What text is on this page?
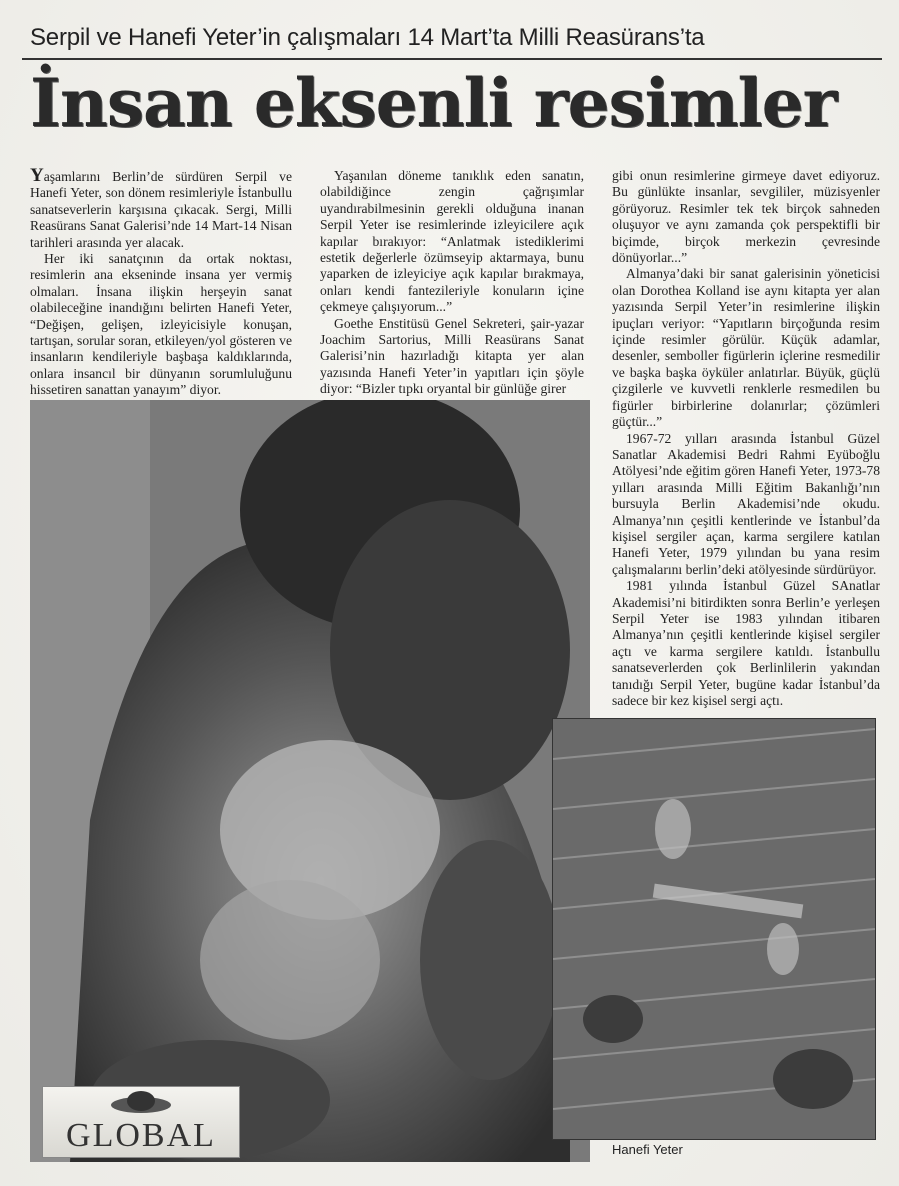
Serpil ve Hanefi Yeter’in çalışmaları 14 Mart’ta Milli Reasürans’ta
İnsan eksenli resimler

Yaşamlarını Berlin’de sürdüren Serpil ve Hanefi Yeter, son dönem resimleriyle İstanbullu sanatseverlerin karşısına çıkacak. Sergi, Milli Reasürans Sanat Galerisi’nde 14 Mart-14 Nisan tarihleri arasında yer alacak.

Her iki sanatçının da ortak noktası, resimlerin ana ekseninde insana yer vermiş olmaları. İnsana ilişkin herşeyin sanat olabileceğine inandığını belirten Hanefi Yeter, “Değişen, gelişen, izleyicisiyle konuşan, tartışan, sorular soran, etkileyen/yol gösteren ve insanların kendileriyle başbaşa kaldıklarında, onlara insancıl bir dünyanın sorumluluğunu hissetiren sanattan yanayım” diyor.

Yaşanılan döneme tanıklık eden sanatın, olabildiğince zengin çağrışımlar uyandırabilmesinin gerekli olduğuna inanan Serpil Yeter ise resimlerinde izleyicilere açık kapılar bırakıyor: “Anlatmak istediklerimi estetik değerlerle özümseyip aktarmaya, bunu yaparken de izleyiciye açık kapılar bırakmaya, onları kendi fantezileriyle konuların içine çekmeye çalışıyorum...”

Goethe Enstitüsü Genel Sekreteri, şair-yazar Joachim Sartorius, Milli Reasürans Sanat Galerisi’nin hazırladığı kitapta yer alan yazısında Hanefi Yeter’in yapıtları için şöyle diyor: “Bizler tıpkı oryantal bir günlüğe girer

gibi onun resimlerine girmeye davet ediyoruz. Bu günlükte insanlar, sevgililer, müzisyenler görüyoruz. Resimler tek tek birçok sahneden oluşuyor ve aynı zamanda çok perspektifli bir biçimde, birçok merkezin çevresinde dönüyorlar...”

Almanya’daki bir sanat galerisinin yöneticisi olan Dorothea Kolland ise aynı kitapta yer alan yazısında Serpil Yeter’in resimlerine ilişkin ipuçları veriyor: “Yapıtların birçoğunda resim içinde resimler görülür. Küçük adamlar, desenler, semboller figürlerin içlerine resmedilir ve başka başka öyküler anlatırlar. Büyük, güçlü çizgilerle ve kuvvetli renklerle resmedilen bu figürler birbirlerine dolanırlar; çözümleri güçtür...”

1967-72 yılları arasında İstanbul Güzel Sanatlar Akademisi Bedri Rahmi Eyüboğlu Atölyesi’nde eğitim gören Hanefi Yeter, 1973-78 yılları arasında Milli Eğitim Bakanlığı’nın bursuyla Berlin Akademisi’nde okudu. Almanya’nın çeşitli kentlerinde ve İstanbul’da kişisel sergiler açan, karma sergilere katılan Hanefi Yeter, 1979 yılından bu yana resim çalışmalarını berlin’deki atölyesinde sürdürüyor.

1981 yılında İstanbul Güzel SAnatlar Akademisi’ni bitirdikten sonra Berlin’e yerleşen Serpil Yeter ise 1983 yılından itibaren Almanya’nın çeşitli kentlerinde kişisel sergiler açtı ve karma sergilere katıldı. İstanbullu sanatseverlerden çok Berlinlilerin yakından tanıdığı Serpil Yeter, bugüne kadar İstanbul’da sadece bir kez kişisel sergi açtı.

Hanefi Yeter
GLOBAL
